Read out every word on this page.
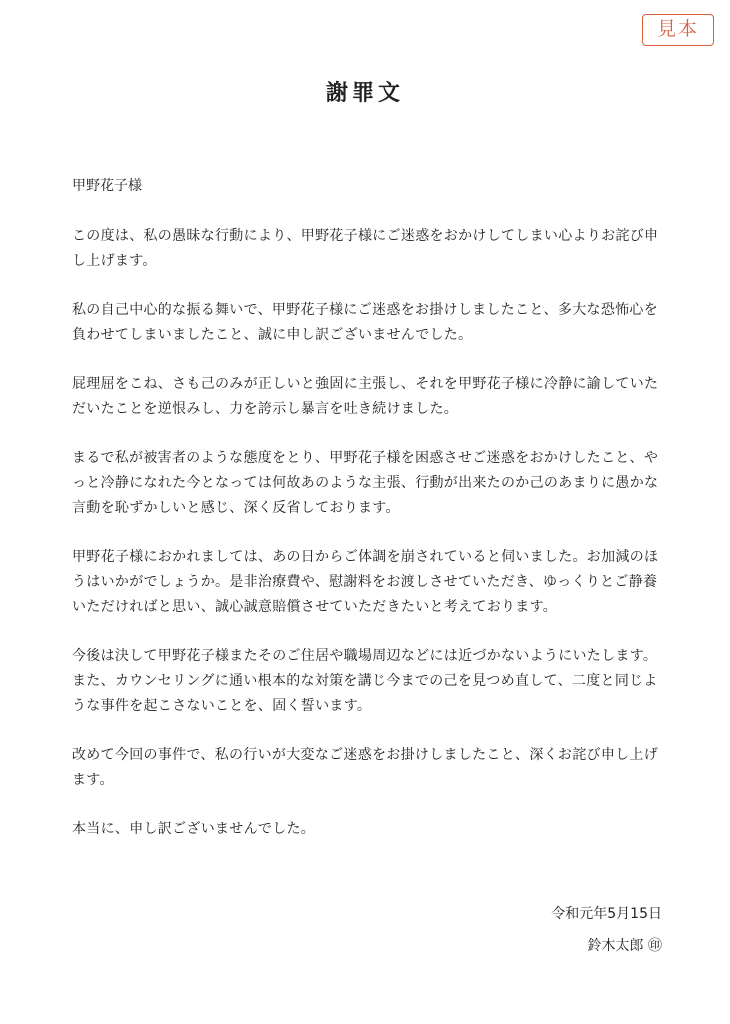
見本
謝罪文

甲野花子様

この度は、私の愚昧な行動により、甲野花子様にご迷惑をおかけしてしまい心よりお詫び申し上げます。

私の自己中心的な振る舞いで、甲野花子様にご迷惑をお掛けしましたこと、多大な恐怖心を負わせてしまいましたこと、誠に申し訳ございませんでした。

屁理屈をこね、さも己のみが正しいと強固に主張し、それを甲野花子様に冷静に諭していただいたことを逆恨みし、力を誇示し暴言を吐き続けました。

まるで私が被害者のような態度をとり、甲野花子様を困惑させご迷惑をおかけしたこと、やっと冷静になれた今となっては何故あのような主張、行動が出来たのか己のあまりに愚かな言動を恥ずかしいと感じ、深く反省しております。

甲野花子様におかれましては、あの日からご体調を崩されていると伺いました。お加減のほうはいかがでしょうか。是非治療費や、慰謝料をお渡しさせていただき、ゆっくりとご静養いただければと思い、誠心誠意賠償させていただきたいと考えております。

今後は決して甲野花子様またそのご住居や職場周辺などには近づかないようにいたします。また、カウンセリングに通い根本的な対策を講じ今までの己を見つめ直して、二度と同じような事件を起こさないことを、固く誓います。

改めて今回の事件で、私の行いが大変なご迷惑をお掛けしましたこと、深くお詫び申し上げます。

本当に、申し訳ございませんでした。

令和元年5月15日
鈴木太郎 ㊞
